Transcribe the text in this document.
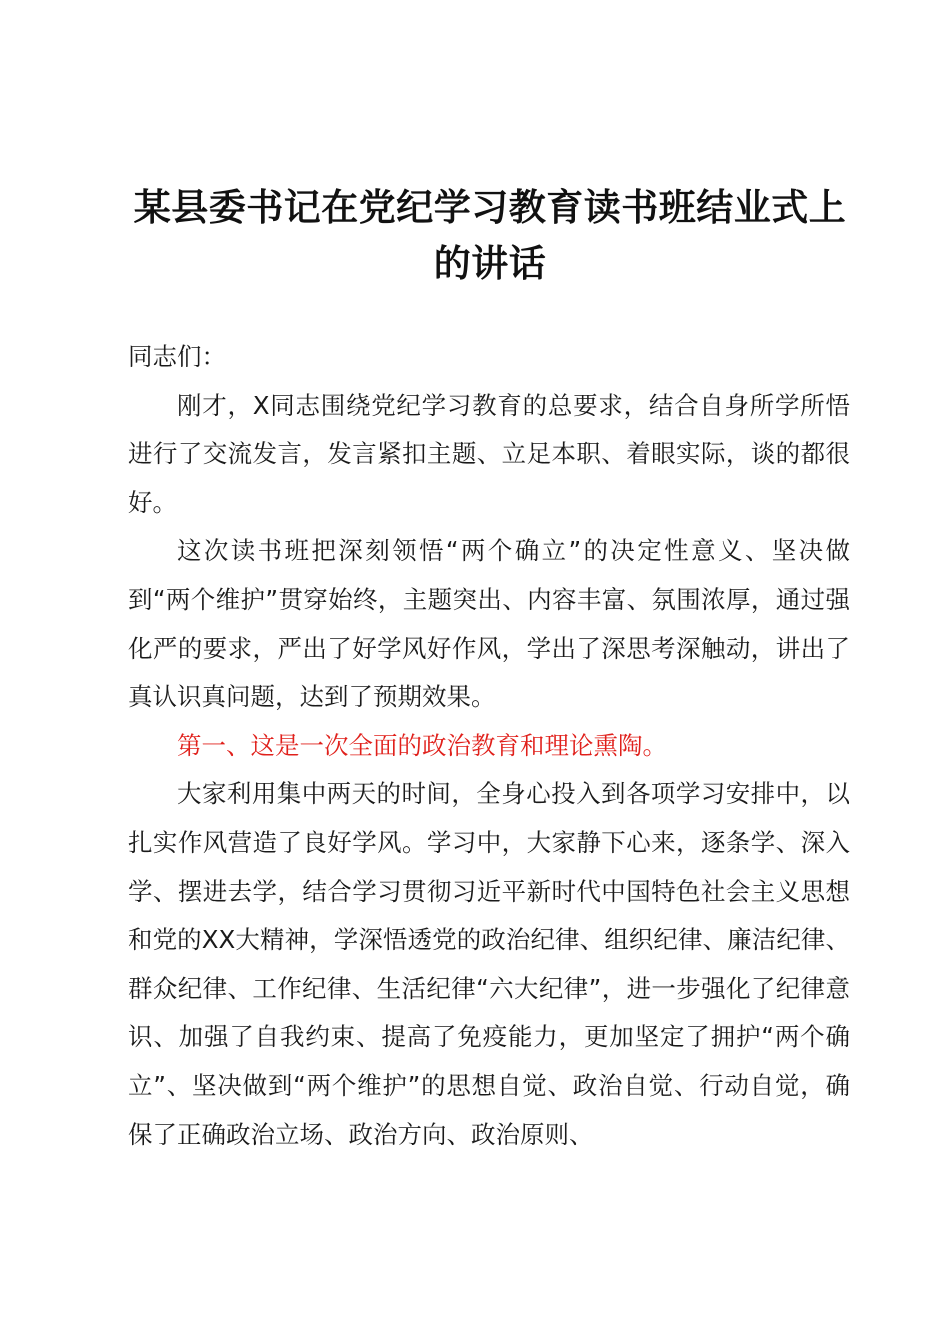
某县委书记在党纪学习教育读书班结业式上的讲话

同志们：

刚才，X同志围绕党纪学习教育的总要求，结合自身所学所悟进行了交流发言，发言紧扣主题、立足本职、着眼实际，谈的都很好。

这次读书班把深刻领悟“两个确立”的决定性意义、坚决做到“两个维护”贯穿始终，主题突出、内容丰富、氛围浓厚，通过强化严的要求，严出了好学风好作风，学出了深思考深触动，讲出了真认识真问题，达到了预期效果。

第一、这是一次全面的政治教育和理论熏陶。

大家利用集中两天的时间，全身心投入到各项学习安排中，以扎实作风营造了良好学风。学习中，大家静下心来，逐条学、深入学、摆进去学，结合学习贯彻习近平新时代中国特色社会主义思想和党的XX大精神，学深悟透党的政治纪律、组织纪律、廉洁纪律、群众纪律、工作纪律、生活纪律“六大纪律”，进一步强化了纪律意识、加强了自我约束、提高了免疫能力，更加坚定了拥护“两个确立”、坚决做到“两个维护”的思想自觉、政治自觉、行动自觉，确保了正确政治立场、政治方向、政治原则、
